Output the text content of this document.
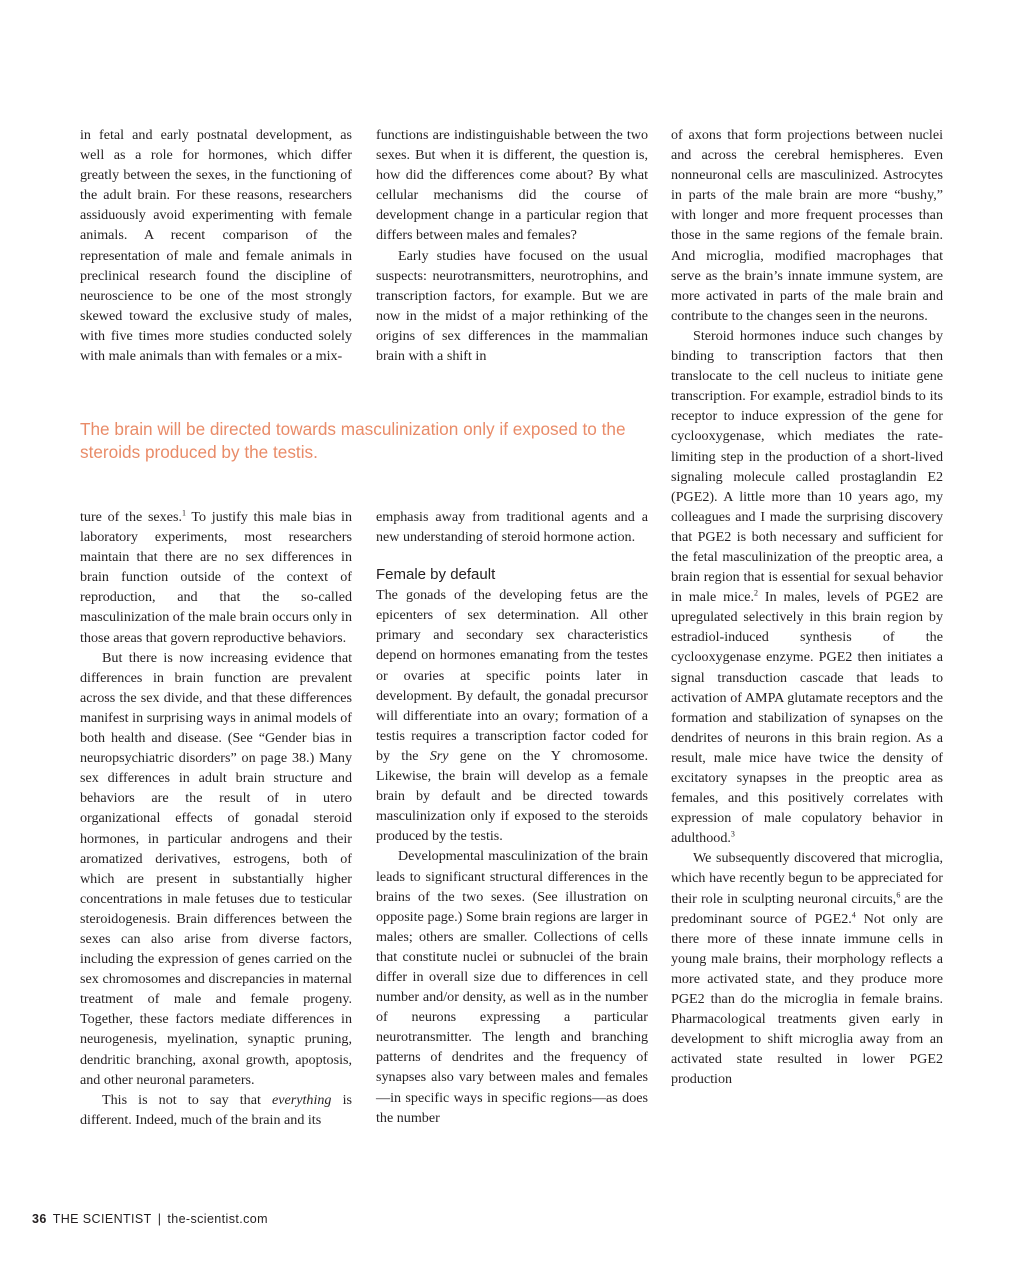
in fetal and early postnatal development, as well as a role for hormones, which differ greatly between the sexes, in the functioning of the adult brain. For these reasons, researchers assiduously avoid experimenting with female animals. A recent comparison of the representation of male and female animals in preclinical research found the discipline of neuroscience to be one of the most strongly skewed toward the exclusive study of males, with five times more studies conducted solely with male animals than with females or a mix-

functions are indistinguishable between the two sexes. But when it is different, the question is, how did the differences come about? By what cellular mechanisms did the course of development change in a particular region that differs between males and females?

Early studies have focused on the usual suspects: neurotransmitters, neurotrophins, and transcription factors, for example. But we are now in the midst of a major rethinking of the origins of sex differences in the mammalian brain with a shift in

The brain will be directed towards masculinization only if exposed to the steroids produced by the testis.

ture of the sexes.$^1$ To justify this male bias in laboratory experiments, most researchers maintain that there are no sex differences in brain function outside of the context of reproduction, and that the so-called masculinization of the male brain occurs only in those areas that govern reproductive behaviors.

But there is now increasing evidence that differences in brain function are prevalent across the sex divide, and that these differences manifest in surprising ways in animal models of both health and disease. (See “Gender bias in neuropsychiatric disorders” on page 38.) Many sex differences in adult brain structure and behaviors are the result of in utero organizational effects of gonadal steroid hormones, in particular androgens and their aromatized derivatives, estrogens, both of which are present in substantially higher concentrations in male fetuses due to testicular steroidogenesis. Brain differences between the sexes can also arise from diverse factors, including the expression of genes carried on the sex chromosomes and discrepancies in maternal treatment of male and female progeny. Together, these factors mediate differences in neurogenesis, myelination, synaptic pruning, dendritic branching, axonal growth, apoptosis, and other neuronal parameters.

This is not to say that everything is different. Indeed, much of the brain and its

emphasis away from traditional agents and a new understanding of steroid hormone action.

Female by default

The gonads of the developing fetus are the epicenters of sex determination. All other primary and secondary sex characteristics depend on hormones emanating from the testes or ovaries at specific points later in development. By default, the gonadal precursor will differentiate into an ovary; formation of a testis requires a transcription factor coded for by the Sry gene on the Y chromosome. Likewise, the brain will develop as a female brain by default and be directed towards masculinization only if exposed to the steroids produced by the testis.

Developmental masculinization of the brain leads to significant structural differences in the brains of the two sexes. (See illustration on opposite page.) Some brain regions are larger in males; others are smaller. Collections of cells that constitute nuclei or subnuclei of the brain differ in overall size due to differences in cell number and/or density, as well as in the number of neurons expressing a particular neurotransmitter. The length and branching patterns of dendrites and the frequency of synapses also vary between males and females—in specific ways in specific regions—as does the number

of axons that form projections between nuclei and across the cerebral hemispheres. Even nonneuronal cells are masculinized. Astrocytes in parts of the male brain are more “bushy,” with longer and more frequent processes than those in the same regions of the female brain. And microglia, modified macrophages that serve as the brain’s innate immune system, are more activated in parts of the male brain and contribute to the changes seen in the neurons.

Steroid hormones induce such changes by binding to transcription factors that then translocate to the cell nucleus to initiate gene transcription. For example, estradiol binds to its receptor to induce expression of the gene for cyclooxygenase, which mediates the rate-limiting step in the production of a short-lived signaling molecule called prostaglandin E2 (PGE2). A little more than 10 years ago, my colleagues and I made the surprising discovery that PGE2 is both necessary and sufficient for the fetal masculinization of the preoptic area, a brain region that is essential for sexual behavior in male mice.$^2$ In males, levels of PGE2 are upregulated selectively in this brain region by estradiol-induced synthesis of the cyclooxygenase enzyme. PGE2 then initiates a signal transduction cascade that leads to activation of AMPA glutamate receptors and the formation and stabilization of synapses on the dendrites of neurons in this brain region. As a result, male mice have twice the density of excitatory synapses in the preoptic area as females, and this positively correlates with expression of male copulatory behavior in adulthood.$^3$

We subsequently discovered that microglia, which have recently begun to be appreciated for their role in sculpting neuronal circuits,$^6$ are the predominant source of PGE2.$^4$ Not only are there more of these innate immune cells in young male brains, their morphology reflects a more activated state, and they produce more PGE2 than do the microglia in female brains. Pharmacological treatments given early in development to shift microglia away from an activated state resulted in lower PGE2 production

36 THE SCIENTIST | the-scientist.com
